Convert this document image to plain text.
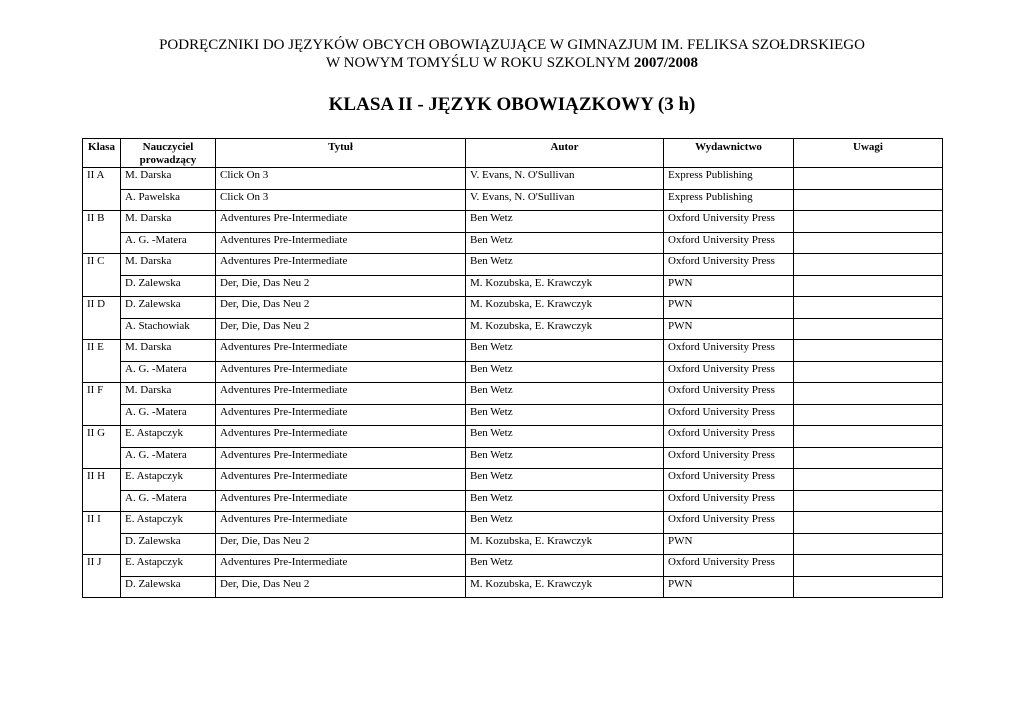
PODRĘCZNIKI DO JĘZYKÓW OBCYCH OBOWIĄZUJĄCE W GIMNAZJUM IM. FELIKSA SZOŁDRSKIEGO
W NOWYM TOMYŚLU W ROKU SZKOLNYM 2007/2008
KLASA II - JĘZYK OBOWIĄZKOWY (3 h)
Klasa	Nauczyciel prowadzący	Tytuł	Autor	Wydawnictwo	Uwagi
II A	M. Darska	Click On 3	V. Evans, N. O'Sullivan	Express Publishing	
	A. Pawelska	Click On 3	V. Evans, N. O'Sullivan	Express Publishing	
II B	M. Darska	Adventures Pre-Intermediate	Ben Wetz	Oxford University Press	
	A. G. -Matera	Adventures Pre-Intermediate	Ben Wetz	Oxford University Press	
II C	M. Darska	Adventures Pre-Intermediate	Ben Wetz	Oxford University Press	
	D. Zalewska	Der, Die, Das Neu 2	M. Kozubska, E. Krawczyk	PWN	
II D	D. Zalewska	Der, Die, Das Neu 2	M. Kozubska, E. Krawczyk	PWN	
	A. Stachowiak	Der, Die, Das Neu 2	M. Kozubska, E. Krawczyk	PWN	
II E	M. Darska	Adventures Pre-Intermediate	Ben Wetz	Oxford University Press	
	A. G. -Matera	Adventures Pre-Intermediate	Ben Wetz	Oxford University Press	
II F	M. Darska	Adventures Pre-Intermediate	Ben Wetz	Oxford University Press	
	A. G. -Matera	Adventures Pre-Intermediate	Ben Wetz	Oxford University Press	
II G	E. Astapczyk	Adventures Pre-Intermediate	Ben Wetz	Oxford University Press	
	A. G. -Matera	Adventures Pre-Intermediate	Ben Wetz	Oxford University Press	
II H	E. Astapczyk	Adventures Pre-Intermediate	Ben Wetz	Oxford University Press	
	A. G. -Matera	Adventures Pre-Intermediate	Ben Wetz	Oxford University Press	
II I	E. Astapczyk	Adventures Pre-Intermediate	Ben Wetz	Oxford University Press	
	D. Zalewska	Der, Die, Das Neu 2	M. Kozubska, E. Krawczyk	PWN	
II J	E. Astapczyk	Adventures Pre-Intermediate	Ben Wetz	Oxford University Press	
	D. Zalewska	Der, Die, Das Neu 2	M. Kozubska, E. Krawczyk	PWN	
